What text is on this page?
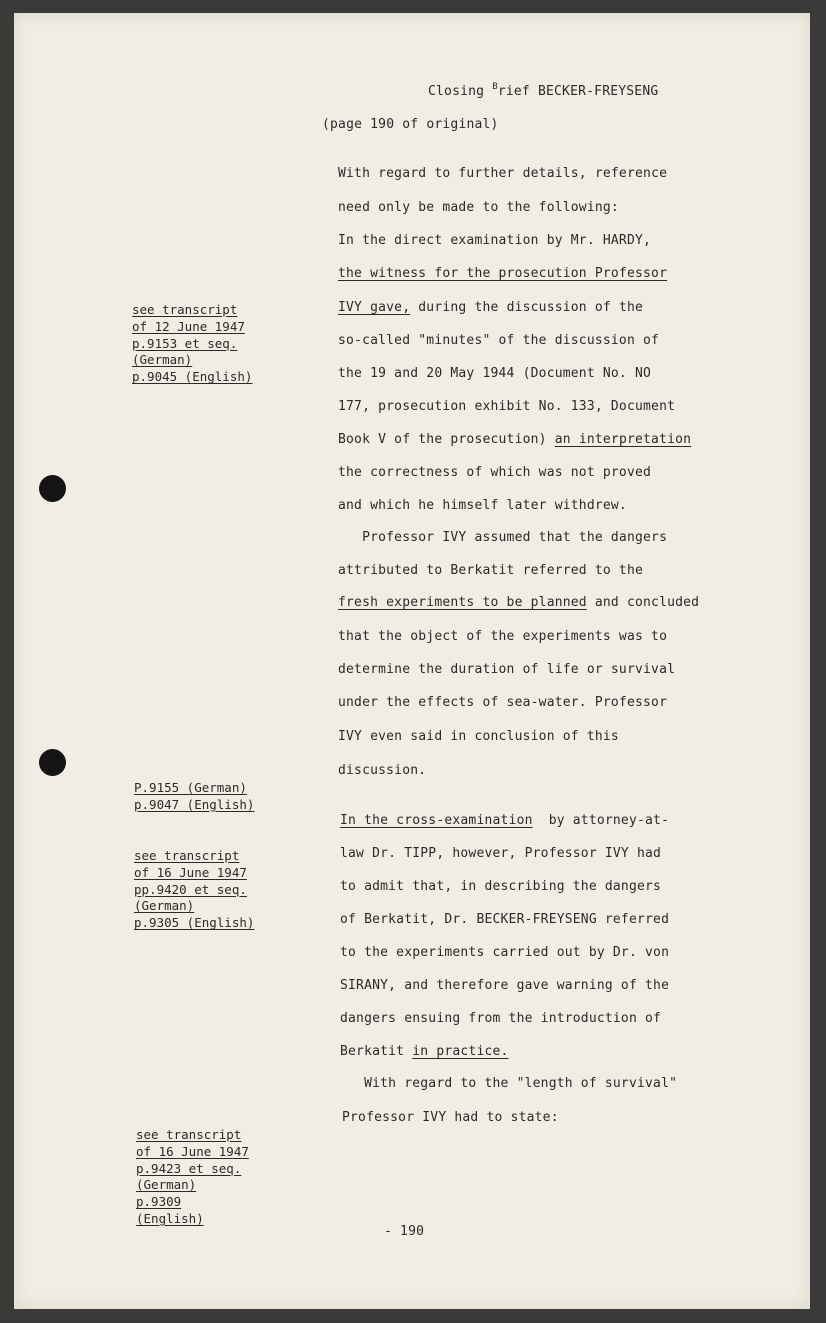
Closing $^B$rief BECKER-FREYSENG
(page 190 of original)
With regard to further details, reference
need only be made to the following:
In the direct examination by Mr. HARDY,
the witness for the prosecution Professor
IVY gave, during the discussion of the
so-called "minutes" of the discussion of
the 19 and 20 May 1944 (Document No. NO
177, prosecution exhibit No. 133, Document
Book V of the prosecution) an interpretation
the correctness of which was not proved
and which he himself later withdrew.
Professor IVY assumed that the dangers
attributed to Berkatit referred to the
fresh experiments to be planned and concluded
that the object of the experiments was to
determine the duration of life or survival
under the effects of sea-water. Professor
IVY even said in conclusion of this
discussion.
In the cross-examination  by attorney-at-
law Dr. TIPP, however, Professor IVY had
to admit that, in describing the dangers
of Berkatit, Dr. BECKER-FREYSENG referred
to the experiments carried out by Dr. von
SIRANY, and therefore gave warning of the
dangers ensuing from the introduction of
Berkatit in practice.
With regard to the "length of survival"
Professor IVY had to state:
see transcript
of 12 June 1947
p.9153 et seq.
(German)
p.9045 (English)
P.9155 (German)
p.9047 (English)
see transcript
of 16 June 1947
pp.9420 et seq.
(German)
p.9305 (English)
see transcript
of 16 June 1947
p.9423 et seq.
(German)
p.9309
(English)
- 190
